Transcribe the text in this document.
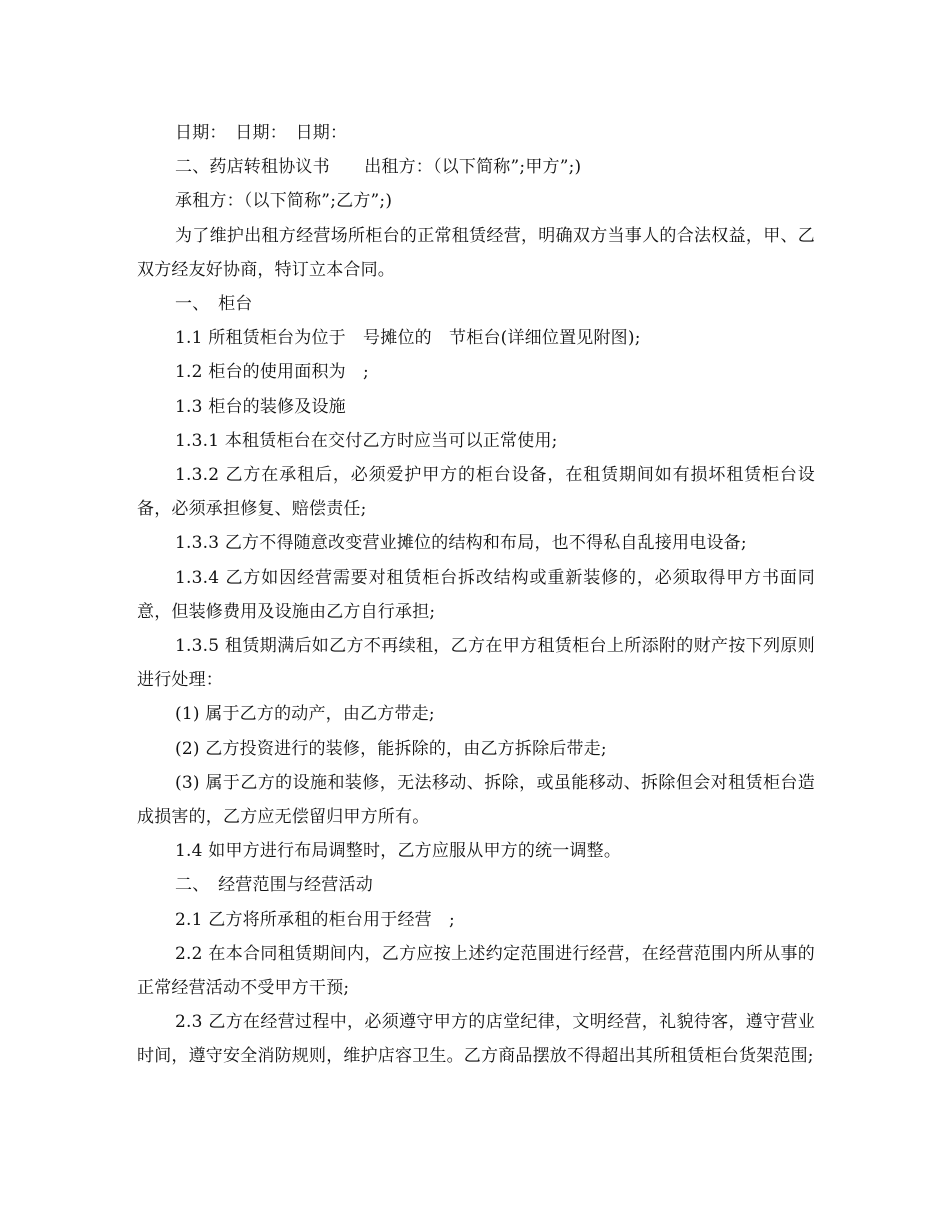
日期：　日期：　日期：

二、药店转租协议书　　出租方：（以下简称”;甲方”;)

承租方：（以下简称”;乙方”;)

为了维护出租方经营场所柜台的正常租赁经营，明确双方当事人的合法权益，甲、乙双方经友好协商，特订立本合同。

一、　柜台

1.1 所租赁柜台为位于　号摊位的　节柜台(详细位置见附图);

1.2 柜台的使用面积为　;

1.3 柜台的装修及设施

1.3.1 本租赁柜台在交付乙方时应当可以正常使用;

1.3.2 乙方在承租后，必须爱护甲方的柜台设备，在租赁期间如有损坏租赁柜台设备，必须承担修复、赔偿责任;

1.3.3 乙方不得随意改变营业摊位的结构和布局，也不得私自乱接用电设备;

1.3.4 乙方如因经营需要对租赁柜台拆改结构或重新装修的，必须取得甲方书面同意，但装修费用及设施由乙方自行承担;

1.3.5 租赁期满后如乙方不再续租，乙方在甲方租赁柜台上所添附的财产按下列原则进行处理：

(1) 属于乙方的动产，由乙方带走;

(2) 乙方投资进行的装修，能拆除的，由乙方拆除后带走;

(3) 属于乙方的设施和装修，无法移动、拆除，或虽能移动、拆除但会对租赁柜台造成损害的，乙方应无偿留归甲方所有。

1.4 如甲方进行布局调整时，乙方应服从甲方的统一调整。

二、　经营范围与经营活动

2.1 乙方将所承租的柜台用于经营　;

2.2 在本合同租赁期间内，乙方应按上述约定范围进行经营，在经营范围内所从事的正常经营活动不受甲方干预;

2.3 乙方在经营过程中，必须遵守甲方的店堂纪律，文明经营，礼貌待客，遵守营业时间，遵守安全消防规则，维护店容卫生。乙方商品摆放不得超出其所租赁柜台货架范围;
